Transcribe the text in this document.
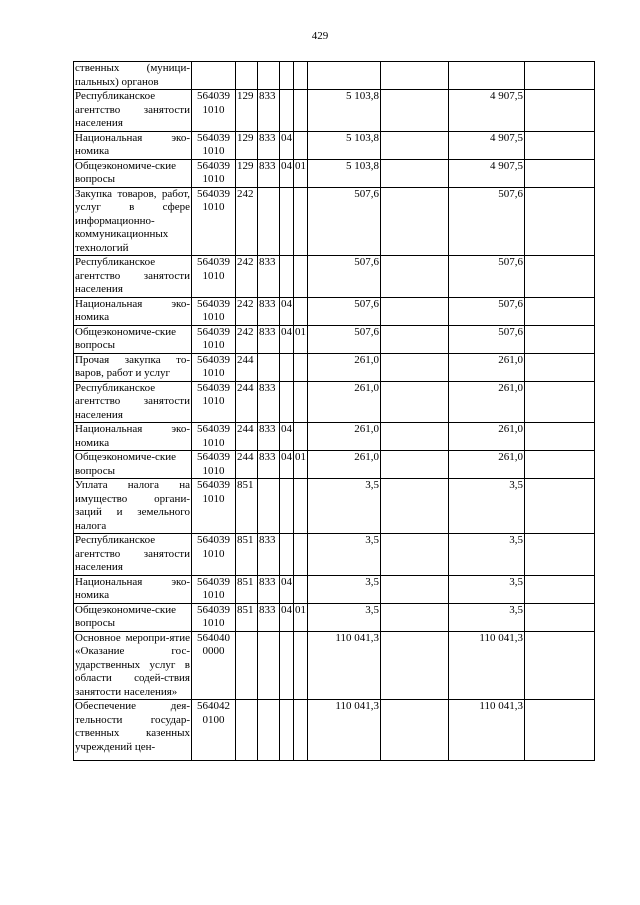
429
ственных (муници-пальных) органов									
Республиканское агентство занятости населения	564039 1010	129	833			5 103,8		4 907,5	
Национальная эко-номика	564039 1010	129	833	04		5 103,8		4 907,5	
Общеэкономиче-ские вопросы	564039 1010	129	833	04	01	5 103,8		4 907,5	
Закупка товаров, работ, услуг в сфере информационно-коммуникационных технологий	564039 1010	242				507,6		507,6	
Республиканское агентство занятости населения	564039 1010	242	833			507,6		507,6	
Национальная эко-номика	564039 1010	242	833	04		507,6		507,6	
Общеэкономиче-ские вопросы	564039 1010	242	833	04	01	507,6		507,6	
Прочая закупка то-варов, работ и услуг	564039 1010	244				261,0		261,0	
Республиканское агентство занятости населения	564039 1010	244	833			261,0		261,0	
Национальная эко-номика	564039 1010	244	833	04		261,0		261,0	
Общеэкономиче-ские вопросы	564039 1010	244	833	04	01	261,0		261,0	
Уплата налога на имущество органи-заций и земельного налога	564039 1010	851				3,5		3,5	
Республиканское агентство занятости населения	564039 1010	851	833			3,5		3,5	
Национальная эко-номика	564039 1010	851	833	04		3,5		3,5	
Общеэкономиче-ские вопросы	564039 1010	851	833	04	01	3,5		3,5	
Основное меропри-ятие «Оказание гос-ударственных услуг в области содей-ствия занятости населения»	564040 0000					110 041,3		110 041,3	
Обеспечение дея-тельности государ-ственных казенных учреждений цен-	564042 0100					110 041,3		110 041,3	
